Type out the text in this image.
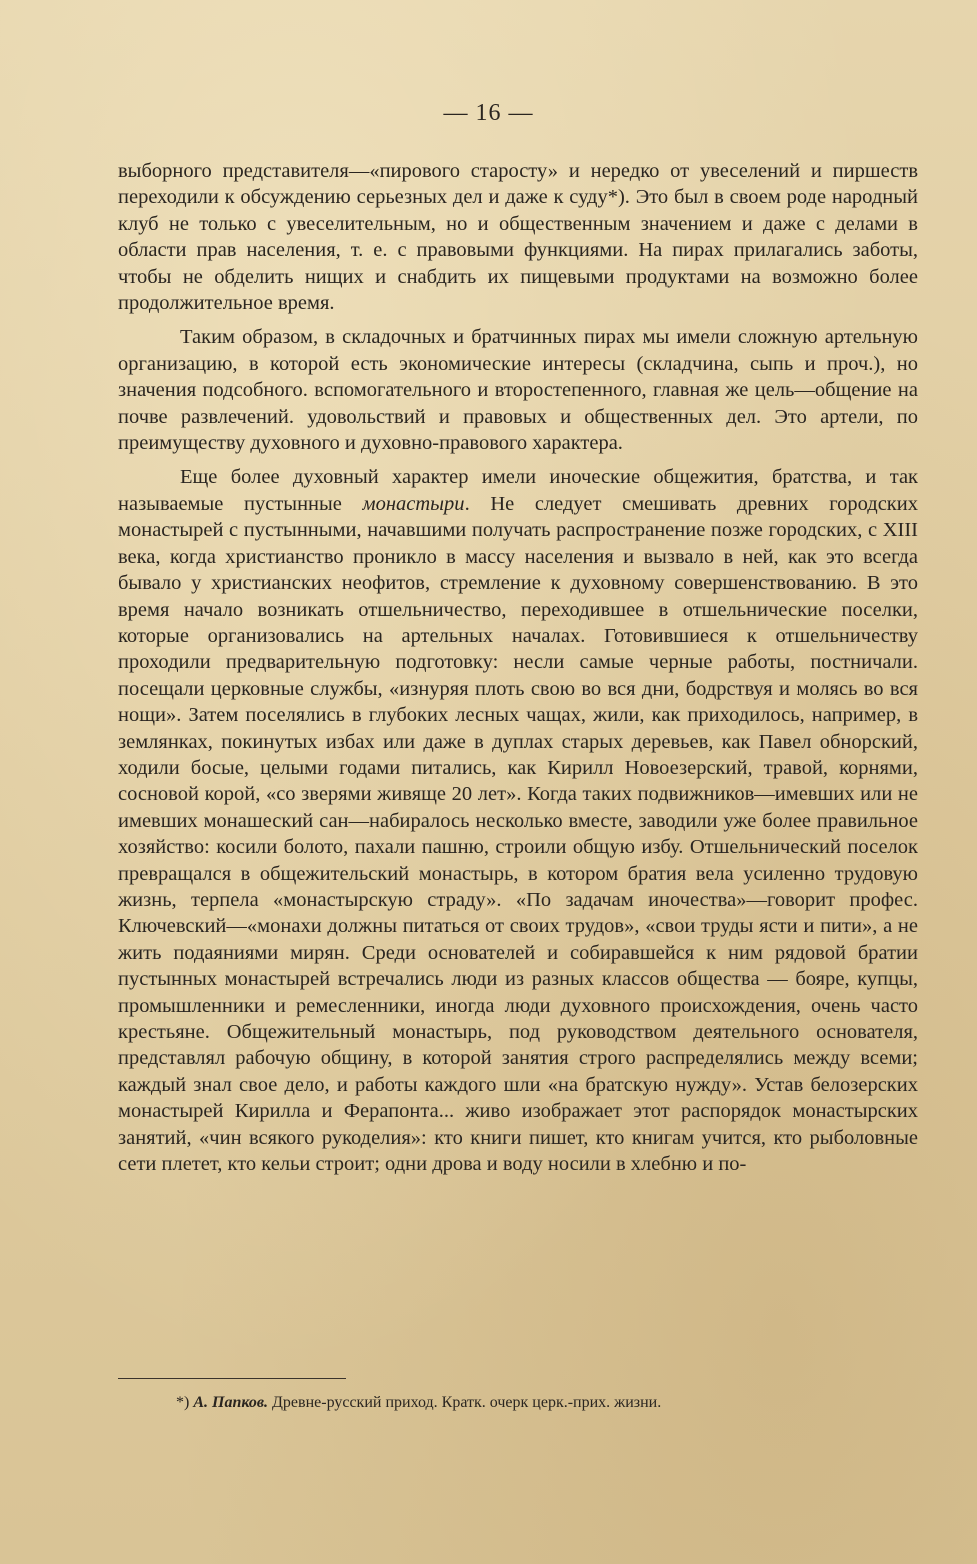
— 16 —

выборного представителя—«пирового старосту» и нередко от увеселений и пиршеств переходили к обсуждению серьезных дел и даже к суду*). Это был в своем роде народный клуб не только с увеселительным, но и общественным значением и даже с делами в области прав населения, т. е. с правовыми функциями. На пирах прилагались заботы, чтобы не обделить нищих и снабдить их пищевыми продуктами на возможно более продолжительное время.

Таким образом, в складочных и братчинных пирах мы имели сложную артельную организацию, в которой есть экономические интересы (складчина, сыпь и проч.), но значения подсобного. вспомогательного и второстепенного, главная же цель—общение на почве развлечений. удовольствий и правовых и общественных дел. Это артели, по преимуществу духовного и духовно-правового характера.

Еще более духовный характер имели иноческие общежития, братства, и так называемые пустынные монастыри. Не следует смешивать древних городских монастырей с пустынными, начавшими получать распространение позже городских, с XIII века, когда христианство проникло в массу населения и вызвало в ней, как это всегда бывало у христианских неофитов, стремление к духовному совершенствованию. В это время начало возникать отшельничество, переходившее в отшельнические поселки, которые организовались на артельных началах. Готовившиеся к отшельничеству проходили предварительную подготовку: несли самые черные работы, постничали. посещали церковные службы, «изнуряя плоть свою во вся дни, бодрствуя и молясь во вся нощи». Затем поселялись в глубоких лесных чащах, жили, как приходилось, например, в землянках, покинутых избах или даже в дуплах старых деревьев, как Павел обнорский, ходили босые, целыми годами питались, как Кирилл Новоезерский, травой, корнями, сосновой корой, «со зверями живяще 20 лет». Когда таких подвижников—имевших или не имевших монашеский сан—набиралось несколько вместе, заводили уже более правильное хозяйство: косили болото, пахали пашню, строили общую избу. Отшельнический поселок превращался в общежительский монастырь, в котором братия вела усиленно трудовую жизнь, терпела «монастырскую страду». «По задачам иночества»—говорит профес. Ключевский—«монахи должны питаться от своих трудов», «свои труды ясти и пити», а не жить подаяниями мирян. Среди основателей и собиравшейся к ним рядовой братии пустынных монастырей встречались люди из разных классов общества — бояре, купцы, промышленники и ремесленники, иногда люди духовного происхождения, очень часто крестьяне. Общежительный монастырь, под руководством деятельного основателя, представлял рабочую общину, в которой занятия строго распределялись между всеми; каждый знал свое дело, и работы каждого шли «на братскую нужду». Устав белозерских монастырей Кирилла и Ферапонта... живо изображает этот распорядок монастырских занятий, «чин всякого рукоделия»: кто книги пишет, кто книгам учится, кто рыболовные сети плетет, кто кельи строит; одни дрова и воду носили в хлебню и по-

*) А. Папков. Древне-русский приход. Кратк. очерк церк.-прих. жизни.
